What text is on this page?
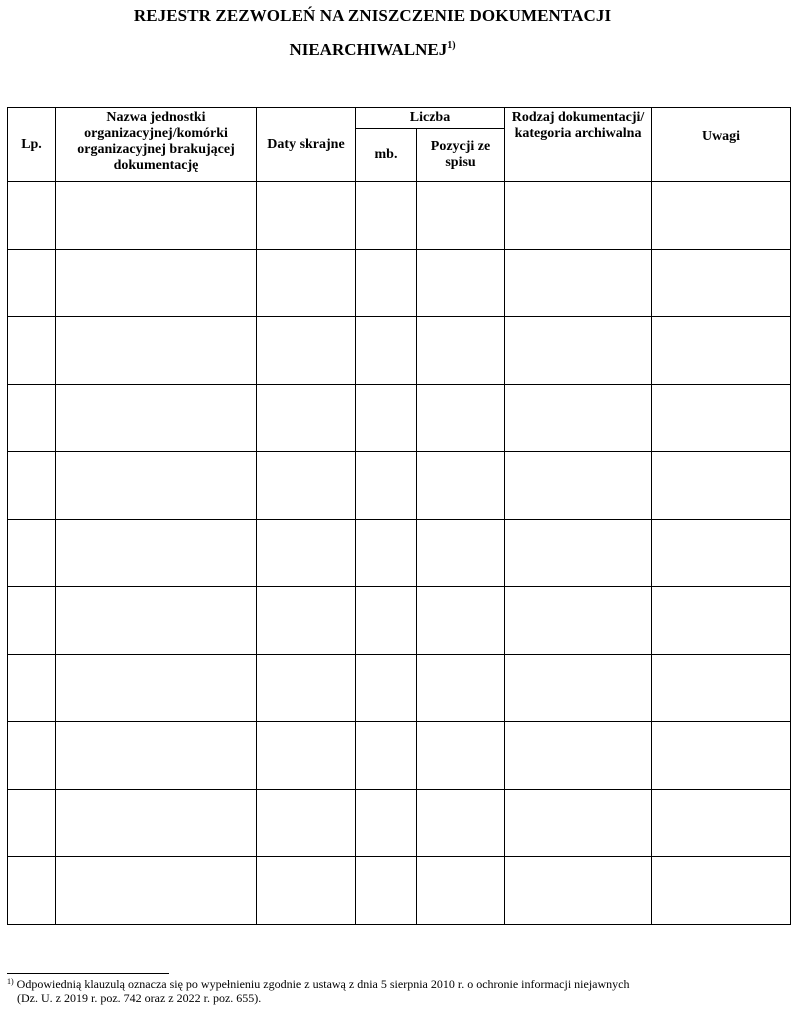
REJESTR ZEZWOLEŃ NA ZNISZCZENIE DOKUMENTACJI
NIEARCHIWALNEJ$^{1)}$
Lp.	Nazwa jednostki organizacyjnej/komórki organizacyjnej brakującej dokumentację	Daty skrajne	Liczba		Rodzaj dokumentacji/ kategoria archiwalna	Uwagi
			mb.	Pozycji ze spisu		

$^{1)}$ Odpowiednią klauzulą oznacza się po wypełnieniu zgodnie z ustawą z dnia 5 sierpnia 2010 r. o ochronie informacji niejawnych
(Dz. U. z 2019 r. poz. 742 oraz z 2022 r. poz. 655).
